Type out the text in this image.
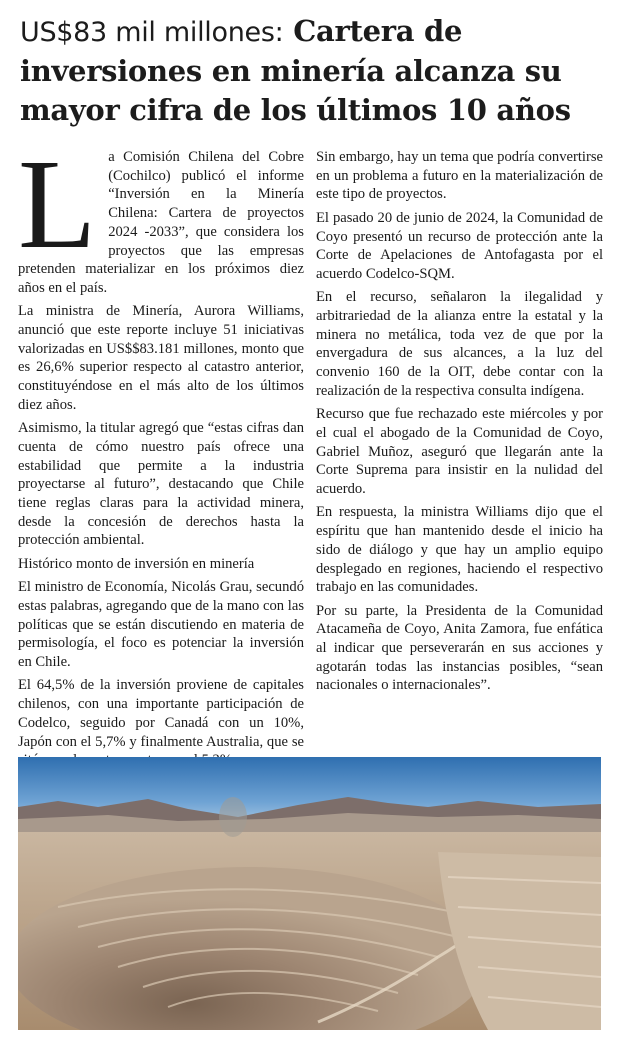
US$83 mil millones: Cartera de inversiones en minería alcanza su mayor cifra de los últimos 10 años
L a Comisión Chilena del Cobre (Cochilco) publicó el informe “Inversión en la Minería Chilena: Cartera de proyectos 2024 -2033”, que considera los proyectos que las empresas pretenden materializar en los próximos diez años en el país.

La ministra de Minería, Aurora Williams, anunció que este reporte incluye 51 iniciativas valorizadas en US$$83.181 millones, monto que es 26,6% superior respecto al catastro anterior, constituyéndose en el más alto de los últimos diez años.

Asimismo, la titular agregó que “estas cifras dan cuenta de cómo nuestro país ofrece una estabilidad que permite a la industria proyectarse al futuro”, destacando que Chile tiene reglas claras para la actividad minera, desde la concesión de derechos hasta la protección ambiental.

Histórico monto de inversión en minería

El ministro de Economía, Nicolás Grau, secundó estas palabras, agregando que de la mano con las políticas que se están discutiendo en materia de permisología, el foco es potenciar la inversión en Chile.

El 64,5% de la inversión proviene de capitales chilenos, con una importante participación de Codelco, seguido por Canadá con un 10%, Japón con el 5,7% y finalmente Australia, que se

Sin embargo, hay un tema que podría convertirse en un problema a futuro en la materialización de este tipo de proyectos.

El pasado 20 de junio de 2024, la Comunidad de Coyo presentó un recurso de protección ante la Corte de Apelaciones de Antofagasta por el acuerdo Codelco-SQM.

En el recurso, señalaron la ilegalidad y arbitrariedad de la alianza entre la estatal y la minera no metálica, toda vez de que por la envergadura de sus alcances, a la luz del convenio 160 de la OIT, debe contar con la realización de la respectiva consulta indígena.

Recurso que fue rechazado este miércoles y por el cual el abogado de la Comunidad de Coyo, Gabriel Muñoz, aseguró que llegarán ante la Corte Suprema para insistir en la nulidad del acuerdo.

En respuesta, la ministra Williams dijo que el espíritu que han mantenido desde el inicio ha sido de diálogo y que hay un amplio equipo desplegado en regiones, haciendo el respectivo trabajo en las comunidades.

Por su parte, la Presidenta de la Comunidad Atacameña de Coyo, Anita Zamora, fue enfática al indicar que perseverarán en sus acciones y agotarán todas las instancias posibles, “sean nacionales o internacionales”.
